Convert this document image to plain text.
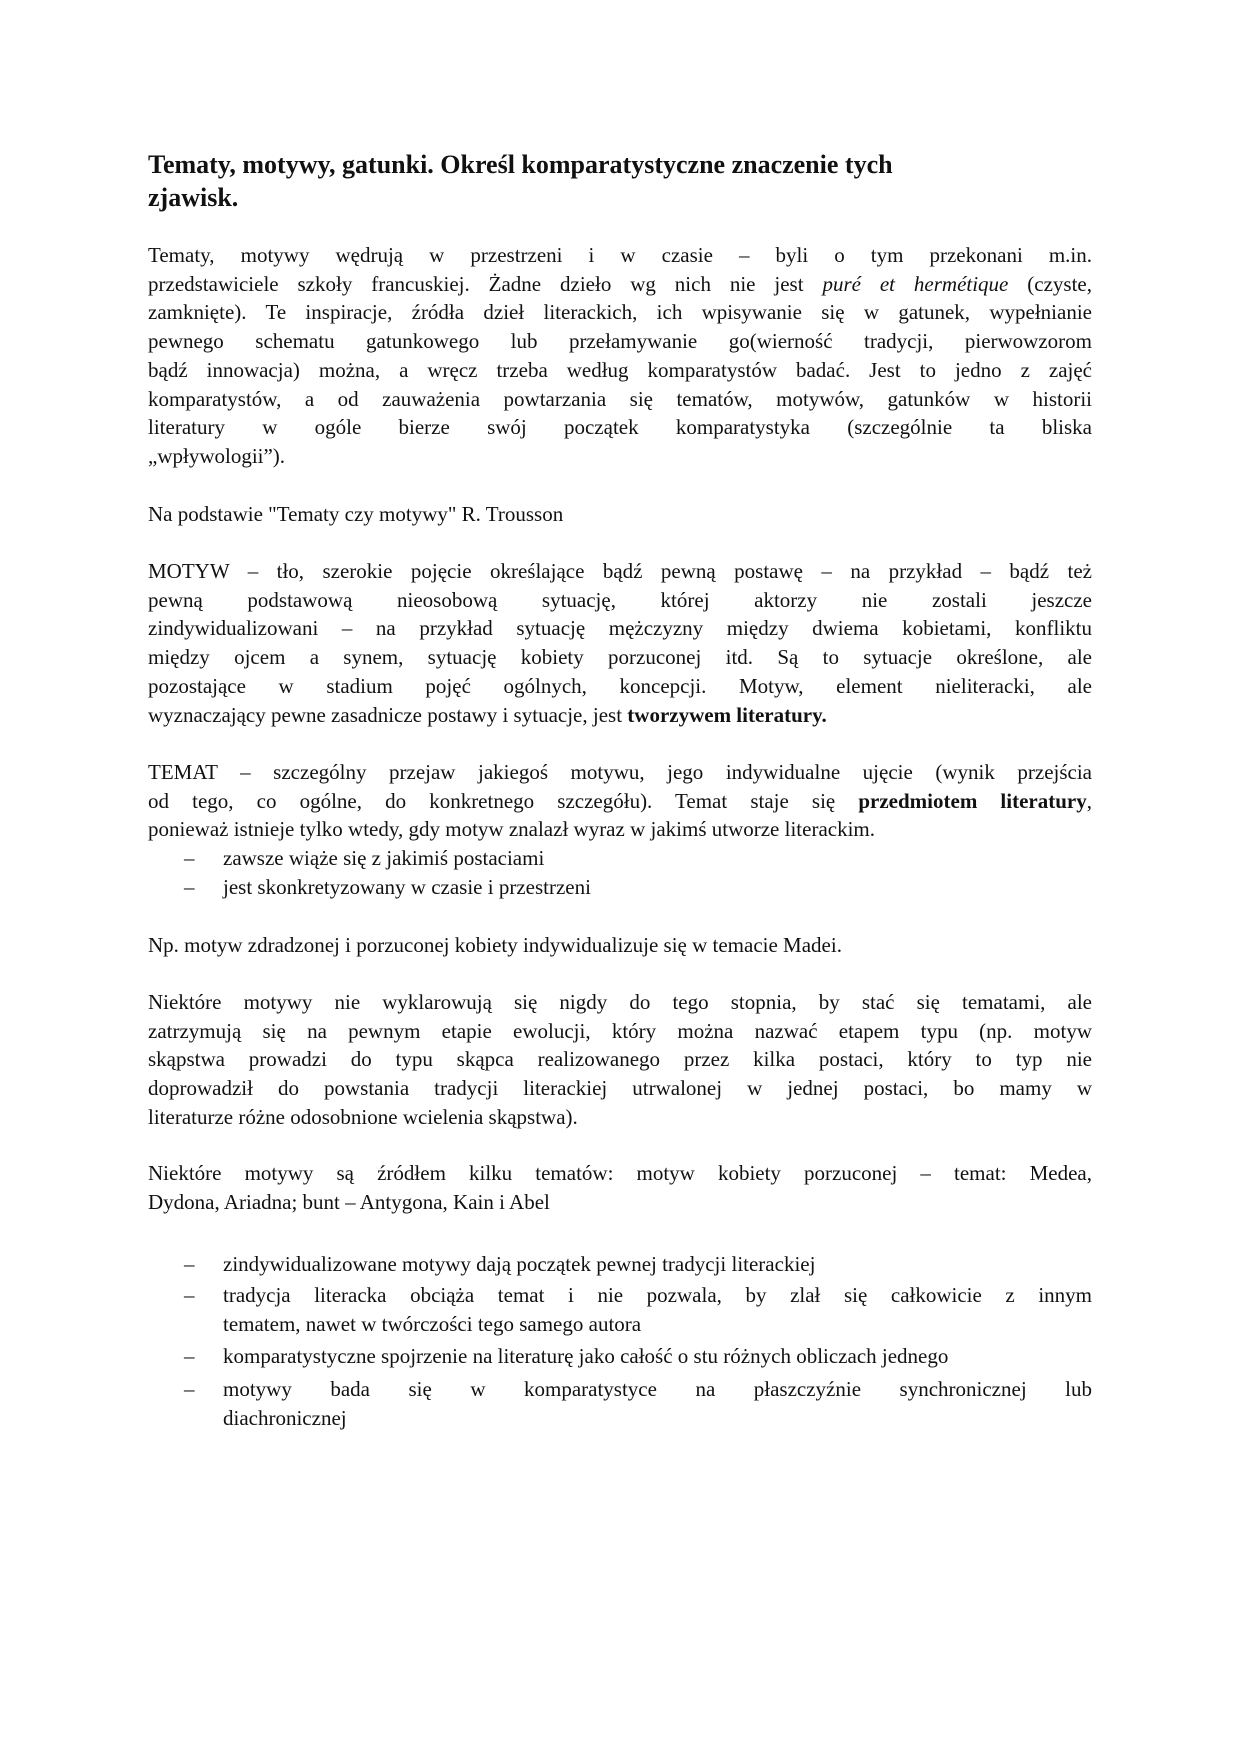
Tematy, motywy, gatunki. Określ komparatystyczne znaczenie tych
zjawisk.
Tematy, motywy wędrują w przestrzeni i w czasie – byli o tym przekonani m.in.
przedstawiciele szkoły francuskiej. Żadne dzieło wg nich nie jest puré et hermétique (czyste,
zamknięte). Te inspiracje, źródła dzieł literackich, ich wpisywanie się w gatunek, wypełnianie
pewnego schematu gatunkowego lub przełamywanie go(wierność tradycji, pierwowzorom
bądź innowacja) można, a wręcz trzeba według komparatystów badać. Jest to jedno z zajęć
komparatystów, a od zauważenia powtarzania się tematów, motywów, gatunków w historii
literatury w ogóle bierze swój początek komparatystyka (szczególnie ta bliska
„wpływologii”).
Na podstawie "Tematy czy motywy" R. Trousson
MOTYW – tło, szerokie pojęcie określające bądź pewną postawę – na przykład – bądź też
pewną podstawową nieosobową sytuację, której aktorzy nie zostali jeszcze
zindywidualizowani – na przykład sytuację mężczyzny między dwiema kobietami, konfliktu
między ojcem a synem, sytuację kobiety porzuconej itd. Są to sytuacje określone, ale
pozostające w stadium pojęć ogólnych, koncepcji. Motyw, element nieliteracki, ale
wyznaczający pewne zasadnicze postawy i sytuacje, jest tworzywem literatury.
TEMAT – szczególny przejaw jakiegoś motywu, jego indywidualne ujęcie (wynik przejścia
od tego, co ogólne, do konkretnego szczegółu). Temat staje się przedmiotem literatury,
ponieważ istnieje tylko wtedy, gdy motyw znalazł wyraz w jakimś utworze literackim.
– zawsze wiąże się z jakimiś postaciami
– jest skonkretyzowany w czasie i przestrzeni
Np. motyw zdradzonej i porzuconej kobiety indywidualizuje się w temacie Madei.
Niektóre motywy nie wyklarowują się nigdy do tego stopnia, by stać się tematami, ale
zatrzymują się na pewnym etapie ewolucji, który można nazwać etapem typu (np. motyw
skąpstwa prowadzi do typu skąpca realizowanego przez kilka postaci, który to typ nie
doprowadził do powstania tradycji literackiej utrwalonej w jednej postaci, bo mamy w
literaturze różne odosobnione wcielenia skąpstwa).
Niektóre motywy są źródłem kilku tematów: motyw kobiety porzuconej – temat: Medea,
Dydona, Ariadna; bunt – Antygona, Kain i Abel
– zindywidualizowane motywy dają początek pewnej tradycji literackiej
– tradycja literacka obciąża temat i nie pozwala, by zlał się całkowicie z innym
tematem, nawet w twórczości tego samego autora
– komparatystyczne spojrzenie na literaturę jako całość o stu różnych obliczach jednego
– motywy bada się w komparatystyce na płaszczyźnie synchronicznej lub
diachronicznej
